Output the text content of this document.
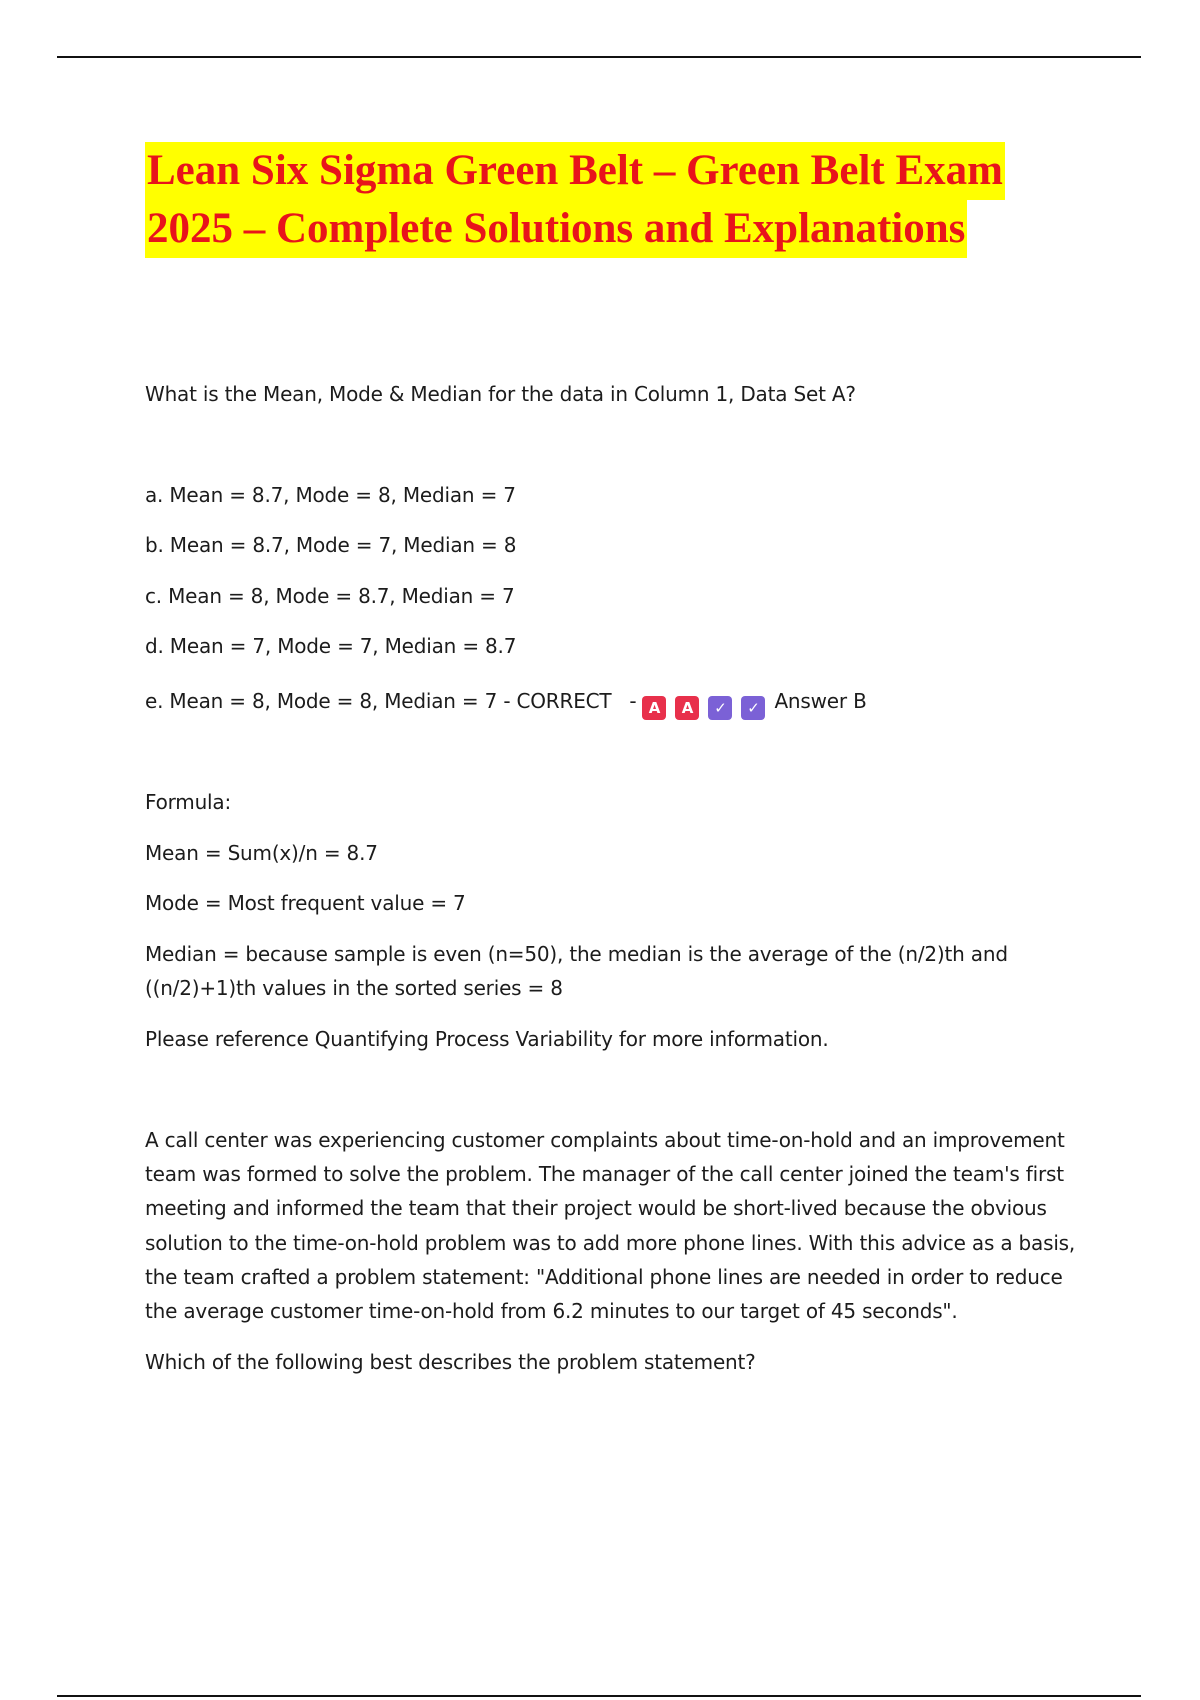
Lean Six Sigma Green Belt – Green Belt Exam
2025 – Complete Solutions and Explanations
What is the Mean, Mode & Median for the data in Column 1, Data Set A?
a. Mean = 8.7, Mode = 8, Median = 7
b. Mean = 8.7, Mode = 7, Median = 8
c. Mean = 8, Mode = 8.7, Median = 7
d. Mean = 7, Mode = 7, Median = 8.7
e. Mean = 8, Mode = 8, Median = 7 - CORRECT - A A ✓ ✓ Answer B
Formula:
Mean = Sum(x)/n = 8.7
Mode = Most frequent value = 7
Median = because sample is even (n=50), the median is the average of the (n/2)th and
((n/2)+1)th values in the sorted series = 8
Please reference Quantifying Process Variability for more information.
A call center was experiencing customer complaints about time-on-hold and an improvement
team was formed to solve the problem. The manager of the call center joined the team's first
meeting and informed the team that their project would be short-lived because the obvious
solution to the time-on-hold problem was to add more phone lines. With this advice as a basis,
the team crafted a problem statement: "Additional phone lines are needed in order to reduce
the average customer time-on-hold from 6.2 minutes to our target of 45 seconds".
Which of the following best describes the problem statement?
